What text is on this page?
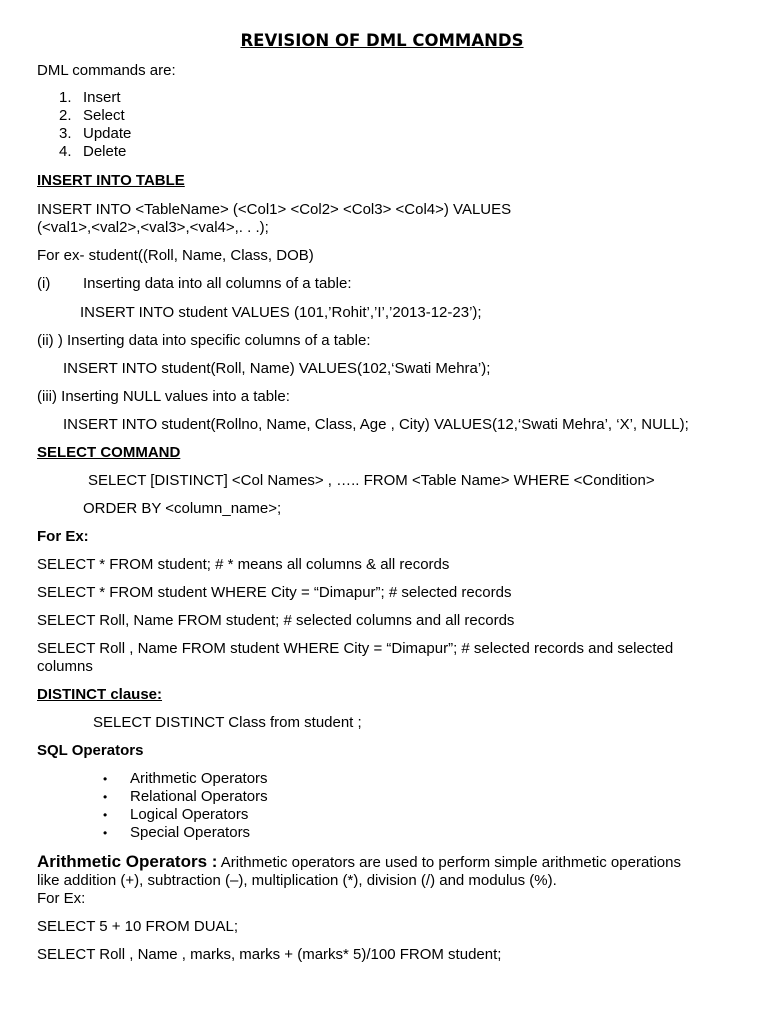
REVISION OF DML COMMANDS

DML commands are:

1. Insert
2. Select
3. Update
4. Delete

INSERT INTO TABLE

INSERT INTO <TableName> (<Col1> <Col2> <Col3> <Col4>) VALUES

(<val1>,<val2>,<val3>,<val4>,. . .);

For ex- student((Roll, Name, Class, DOB)

(i) Inserting data into all columns of a table:

INSERT INTO student VALUES (101,’Rohit’,’I’,’2013-12-23’);

(ii) ) Inserting data into specific columns of a table:

INSERT INTO student(Roll, Name) VALUES(102,‘Swati Mehra’);

(iii) Inserting NULL values into a table:

INSERT INTO student(Rollno, Name, Class, Age , City) VALUES(12,‘Swati Mehra’, ‘X’, NULL);

SELECT COMMAND

SELECT [DISTINCT] <Col Names> , ….. FROM <Table Name> WHERE <Condition>

ORDER BY <column_name>;

For Ex:

SELECT * FROM student; # * means all columns & all records

SELECT * FROM student WHERE City = “Dimapur”; # selected records

SELECT Roll, Name FROM student; # selected columns and all records

SELECT Roll , Name FROM student WHERE City = “Dimapur”; # selected records and selected

columns

DISTINCT clause:

SELECT DISTINCT Class from student ;

SQL Operators

• Arithmetic Operators
• Relational Operators
• Logical Operators
• Special Operators

Arithmetic Operators : Arithmetic operators are used to perform simple arithmetic operations

like addition (+), subtraction (–), multiplication (*), division (/) and modulus (%).

For Ex:

SELECT 5 + 10 FROM DUAL;

SELECT Roll , Name , marks, marks + (marks* 5)/100 FROM student;
